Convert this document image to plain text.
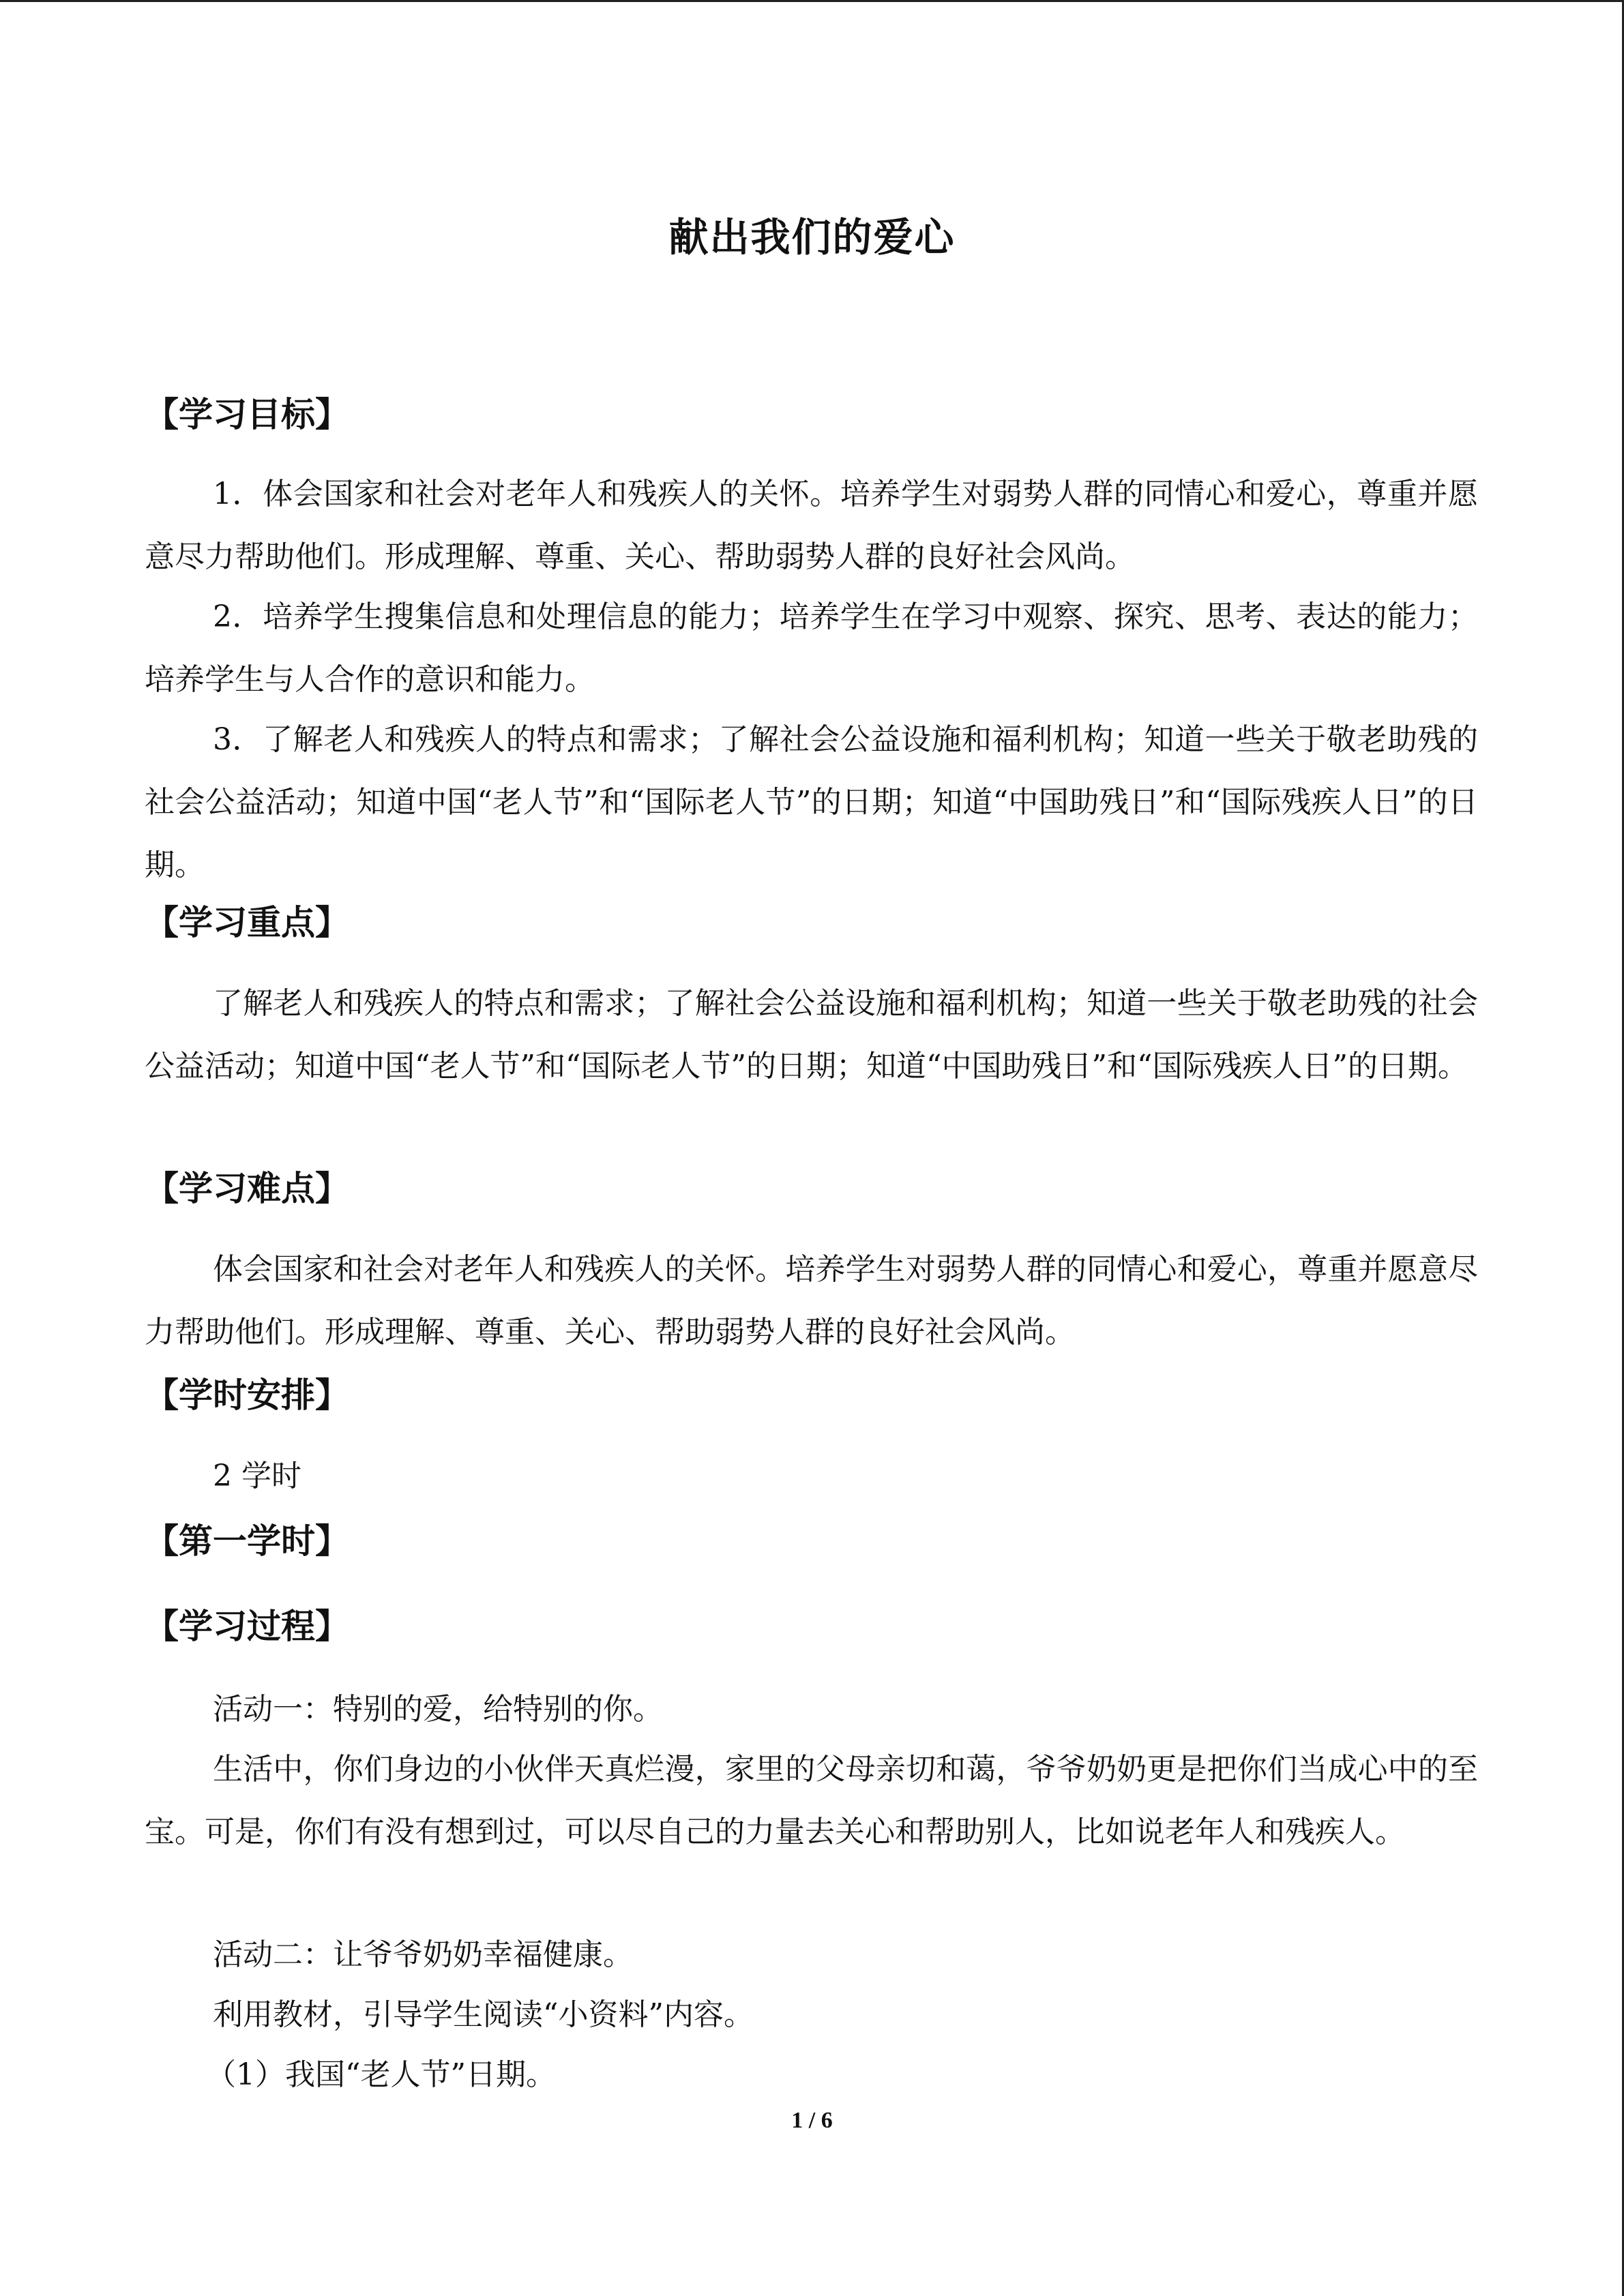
献出我们的爱心
【学习目标】

1．体会国家和社会对老年人和残疾人的关怀。培养学生对弱势人群的同情心和爱心，尊重并愿意尽力帮助他们。形成理解、尊重、关心、帮助弱势人群的良好社会风尚。

2．培养学生搜集信息和处理信息的能力；培养学生在学习中观察、探究、思考、表达的能力；培养学生与人合作的意识和能力。

3．了解老人和残疾人的特点和需求；了解社会公益设施和福利机构；知道一些关于敬老助残的社会公益活动；知道中国“老人节”和“国际老人节”的日期；知道“中国助残日”和“国际残疾人日”的日期。

【学习重点】

了解老人和残疾人的特点和需求；了解社会公益设施和福利机构；知道一些关于敬老助残的社会公益活动；知道中国“老人节”和“国际老人节”的日期；知道“中国助残日”和“国际残疾人日”的日期。

【学习难点】

体会国家和社会对老年人和残疾人的关怀。培养学生对弱势人群的同情心和爱心，尊重并愿意尽力帮助他们。形成理解、尊重、关心、帮助弱势人群的良好社会风尚。

【学时安排】

2 学时

【第一学时】
【学习过程】

活动一：特别的爱，给特别的你。

生活中，你们身边的小伙伴天真烂漫，家里的父母亲切和蔼，爷爷奶奶更是把你们当成心中的至宝。可是，你们有没有想到过，可以尽自己的力量去关心和帮助别人，比如说老年人和残疾人。

活动二：让爷爷奶奶幸福健康。

利用教材，引导学生阅读“小资料”内容。

（1）我国“老人节”日期。

1 / 6
